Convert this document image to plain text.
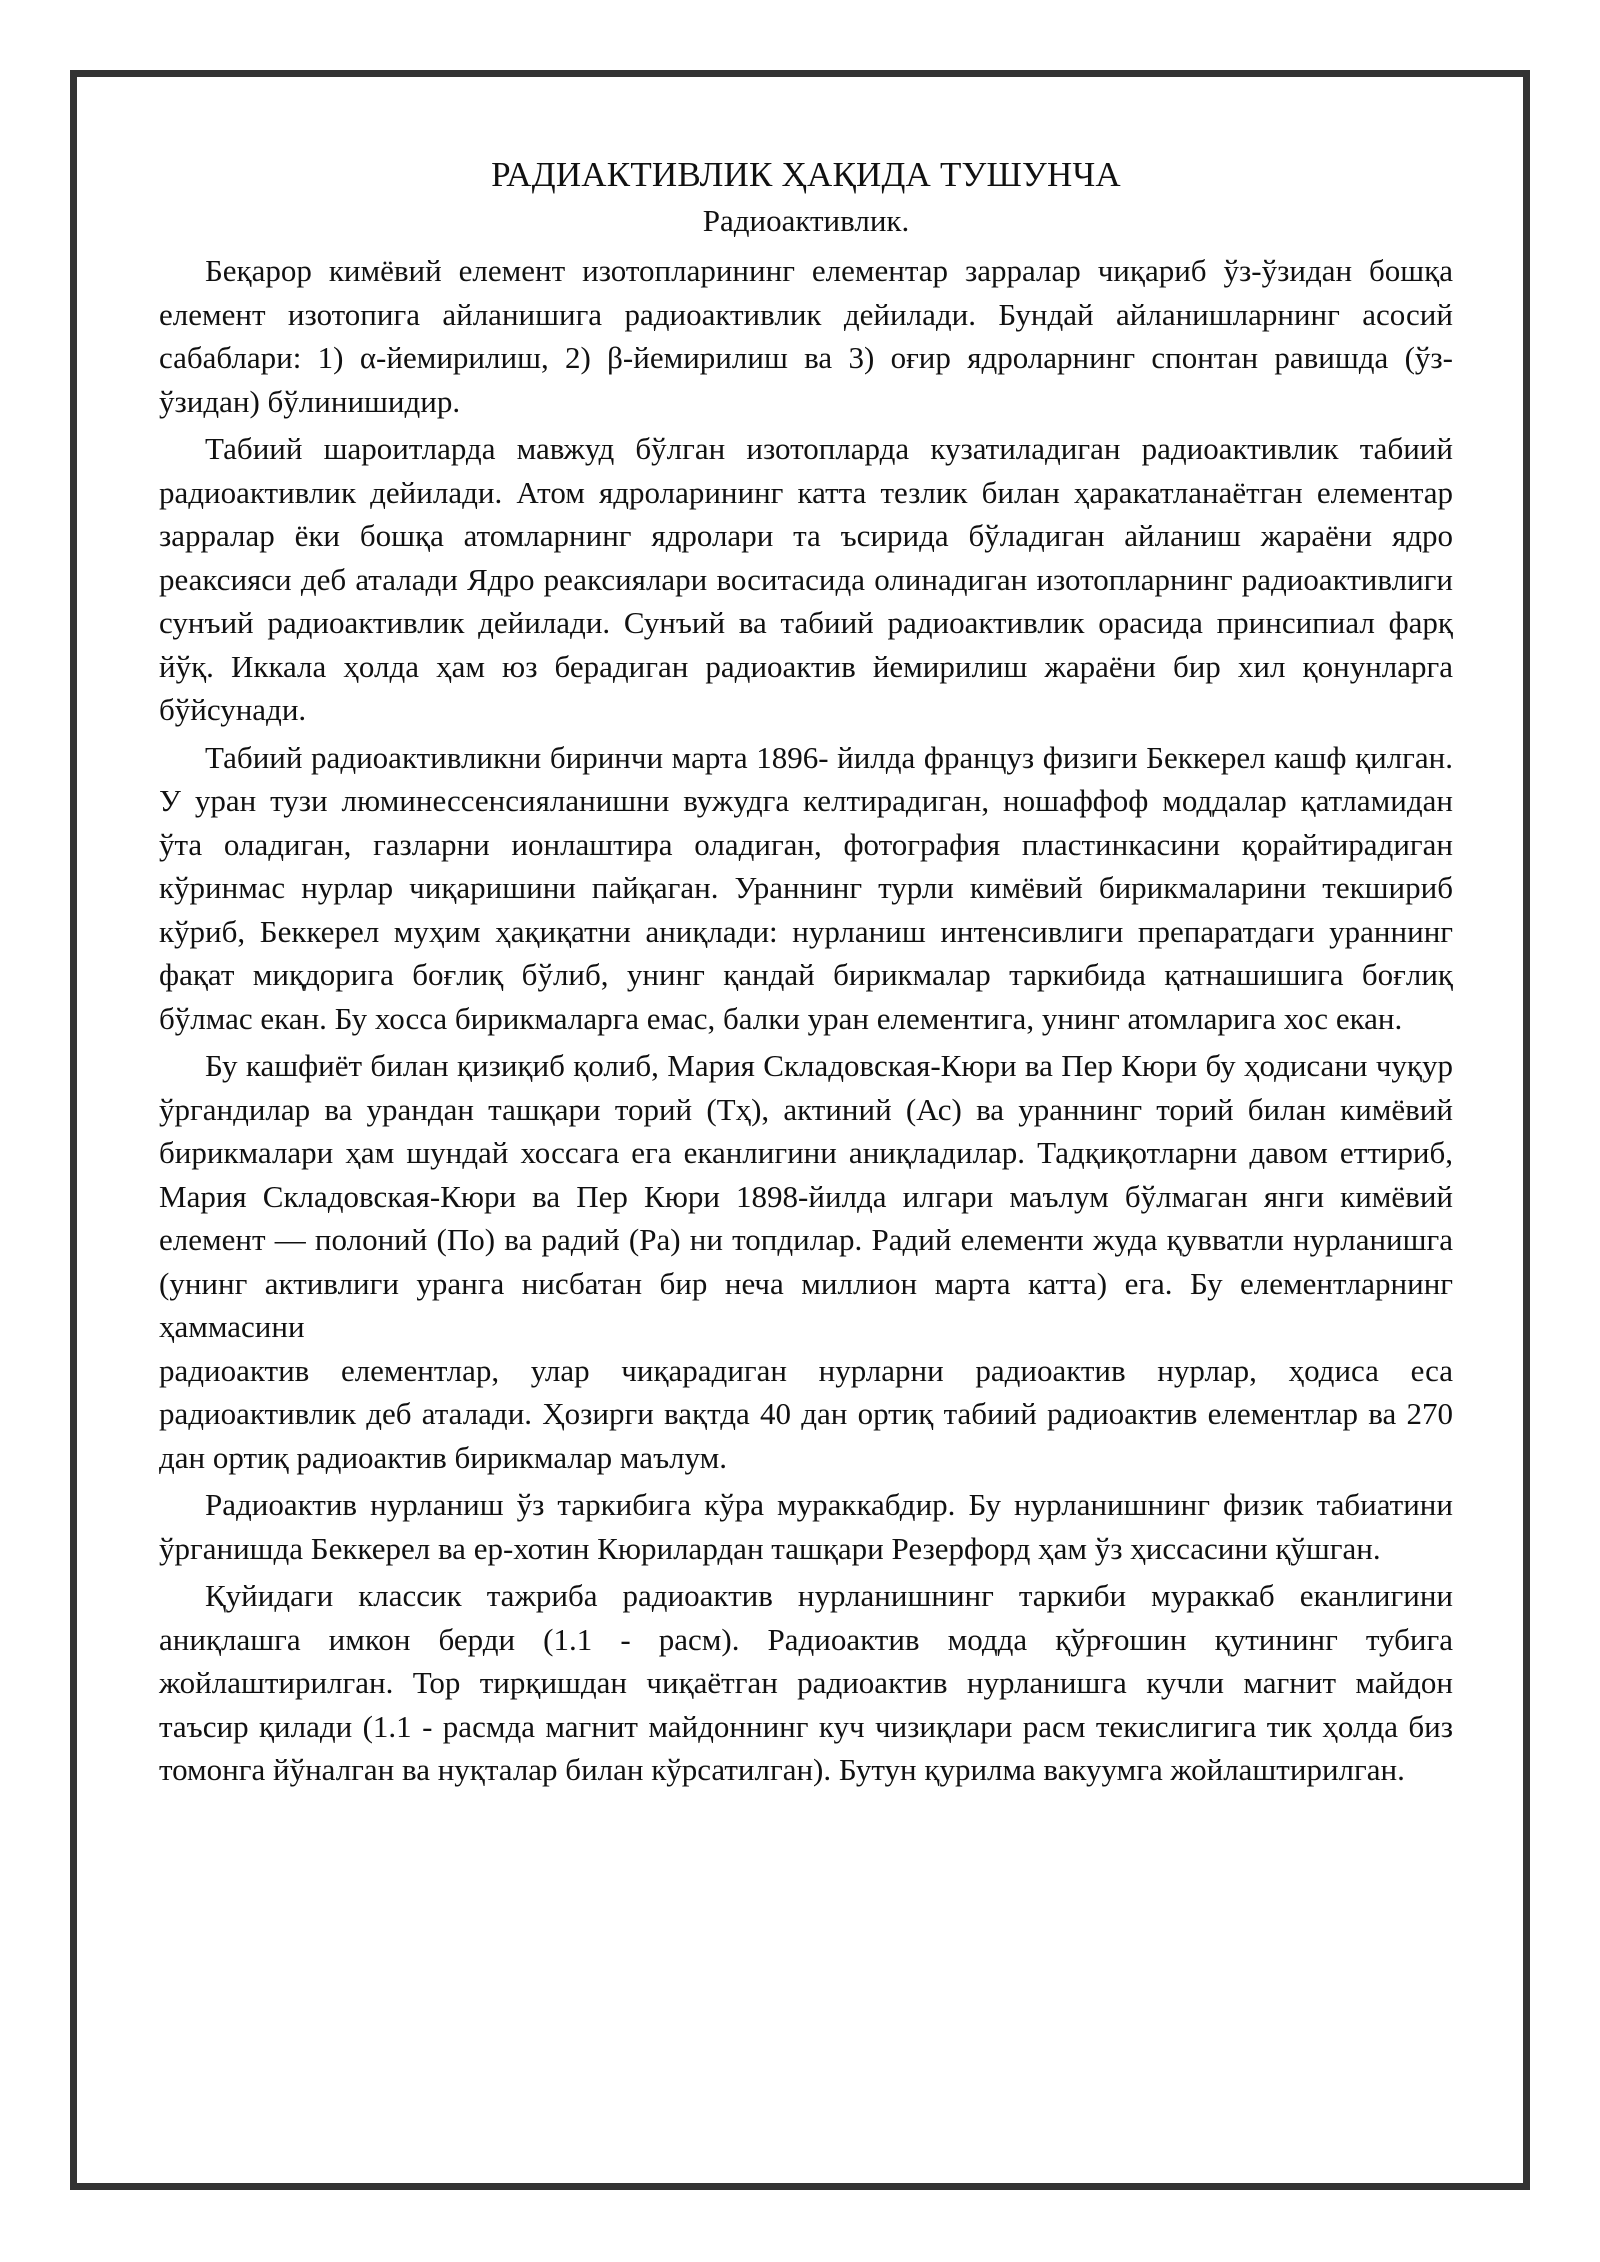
РАДИАКТИВЛИК ҲАҚИДА ТУШУНЧА
Радиоактивлик.

Беқарор кимёвий елемент изотопларининг елементар зарралар чиқариб ўз-ўзидан бошқа елемент изотопига айланишига радиоактивлик дейилади. Бундай айланишларнинг асосий сабаблари: 1) α-йемирилиш, 2) β-йемирилиш ва 3) оғир ядроларнинг спонтан равишда (ўз-ўзидан) бўлинишидир.

Табиий шароитларда мавжуд бўлган изотопларда кузатиладиган радиоактивлик табиий радиоактивлик дейилади. Атом ядроларининг катта тезлик билан ҳаракатланаётган елементар зарралар ёки бошқа атомларнинг ядролари та ъсирида бўладиган айланиш жараёни ядро реаксияси деб аталади Ядро реаксиялари воситасида олинадиган изотопларнинг радиоактивлиги сунъий радиоактивлик дейилади. Сунъий ва табиий радиоактивлик орасида принсипиал фарқ йўқ. Иккала ҳолда ҳам юз берадиган радиоактив йемирилиш жараёни бир хил қонунларга бўйсунади.

Табиий радиоактивликни биринчи марта 1896- йилда француз физиги Беккерел кашф қилган. У уран тузи люминессенсияланишни вужудга келтирадиган, ношаффоф моддалар қатламидан ўта оладиган, газларни ионлаштира оладиган, фотография пластинкасини қорайтирадиган кўринмас нурлар чиқаришини пайқаган. Ураннинг турли кимёвий бирикмаларини текшириб кўриб, Беккерел муҳим ҳақиқатни аниқлади: нурланиш интенсивлиги препаратдаги ураннинг фақат миқдорига боғлиқ бўлиб, унинг қандай бирикмалар таркибида қатнашишига боғлиқ бўлмас екан. Бу хосса бирикмаларга емас, балки уран елементига, унинг атомларига хос екан.

Бу кашфиёт билан қизиқиб қолиб, Мария Складовская-Кюри ва Пер Кюри бу ҳодисани чуқур ўргандилар ва урандан ташқари торий (Тҳ), актиний (Ас) ва ураннинг торий билан кимёвий бирикмалари ҳам шундай хоссага ега еканлигини аниқладилар. Тадқиқотларни давом еттириб, Мария Складовская-Кюри ва Пер Кюри 1898-йилда илгари маълум бўлмаган янги кимёвий елемент — полоний (По) ва радий (Ра) ни топдилар. Радий елементи жуда қувватли нурланишга (унинг активлиги уранга нисбатан бир неча миллион марта катта) ега. Бу елементларнинг ҳаммасини

радиоактив елементлар, улар чиқарадиган нурларни радиоактив нурлар, ҳодиса еса радиоактивлик деб аталади. Ҳозирги вақтда 40 дан ортиқ табиий радиоактив елементлар ва 270 дан ортиқ радиоактив бирикмалар маълум.

Радиоактив нурланиш ўз таркибига кўра мураккабдир. Бу нурланишнинг физик табиатини ўрганишда Беккерел ва ер-хотин Кюрилардан ташқари Резерфорд ҳам ўз ҳиссасини қўшган.

Қуйидаги классик тажриба радиоактив нурланишнинг таркиби мураккаб еканлигини аниқлашга имкон берди (1.1 - расм). Радиоактив модда қўрғошин қутининг тубига жойлаштирилган. Тор тирқишдан чиқаётган радиоактив нурланишга кучли магнит майдон таъсир қилади (1.1 - расмда магнит майдоннинг куч чизиқлари расм текислигига тик ҳолда биз томонга йўналган ва нуқталар билан кўрсатилган). Бутун қурилма вакуумга жойлаштирилган.
